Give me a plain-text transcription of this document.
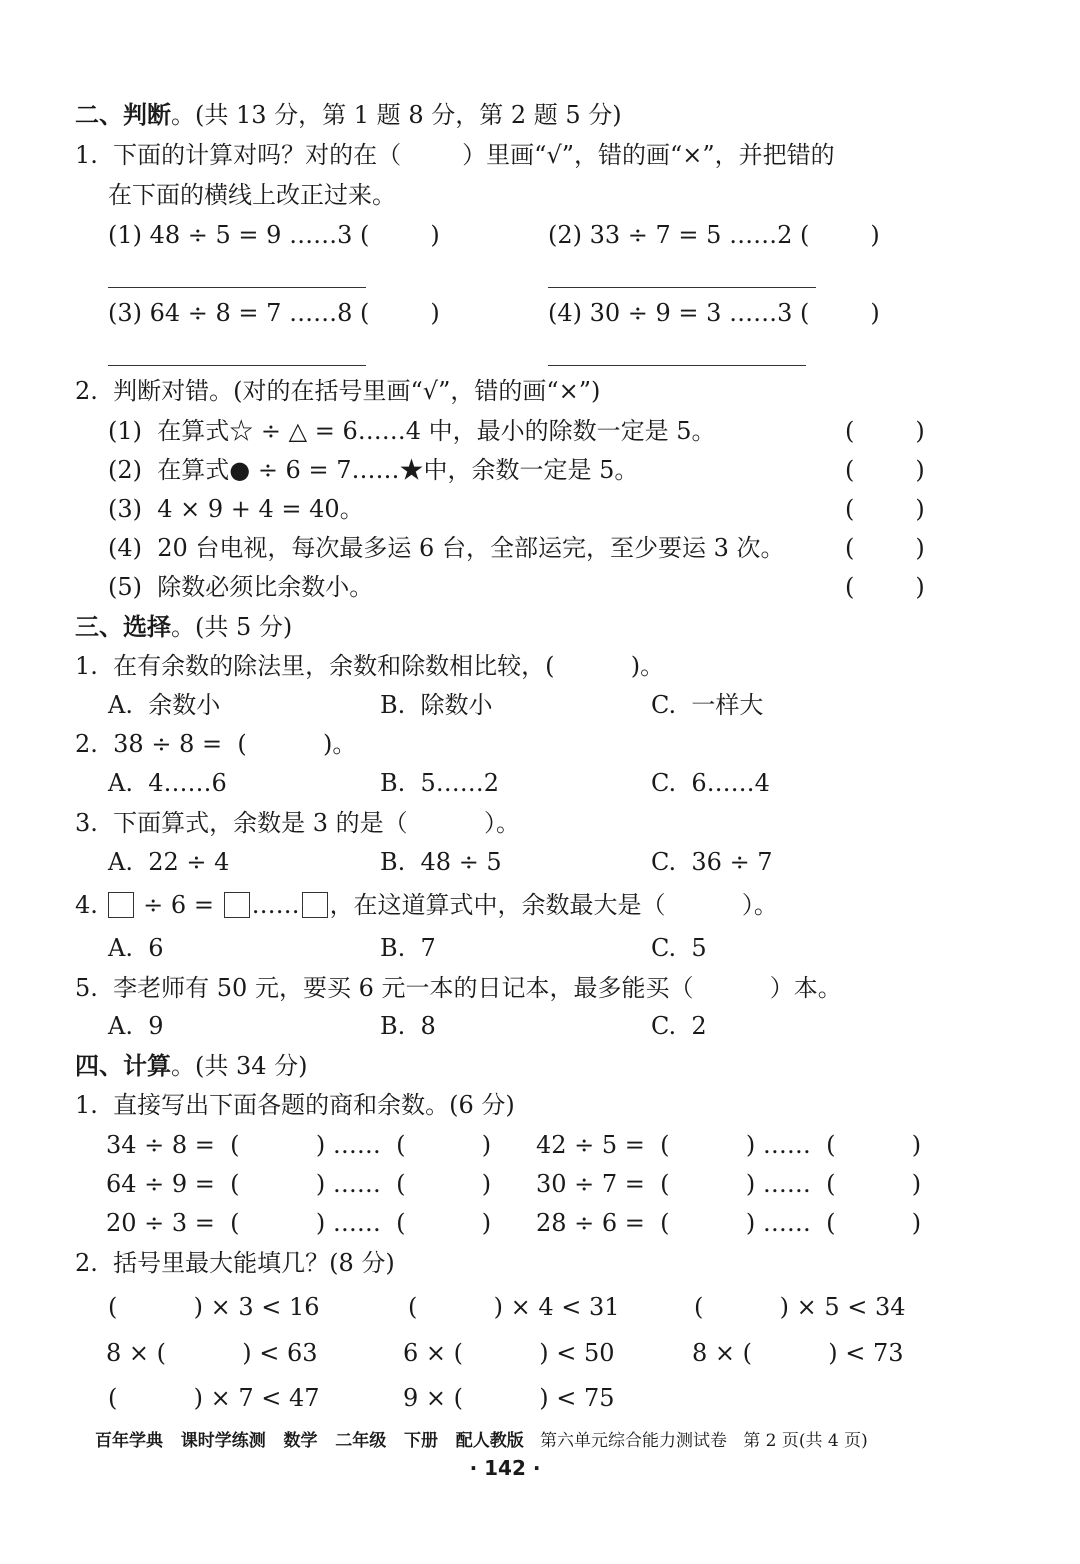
二、判断。(共 13 分，第 1 题 8 分，第 2 题 5 分)
1.  下面的计算对吗？对的在（        ）里画“√”，错的画“×”，并把错的
在下面的横线上改正过来。
(1) 48 ÷ 5 = 9 ……3 (        )	(2) 33 ÷ 7 = 5 ……2 (        )
(3) 64 ÷ 8 = 7 ……8 (        )	(4) 30 ÷ 9 = 3 ……3 (        )
2.  判断对错。(对的在括号里画“√”，错的画“×”)
(1)  在算式☆ ÷ △ = 6……4 中，最小的除数一定是 5。	(        )
(2)  在算式● ÷ 6 = 7……★中，余数一定是 5。	(        )
(3)  4 × 9 + 4 = 40。	(        )
(4)  20 台电视，每次最多运 6 台，全部运完，至少要运 3 次。	(        )
(5)  除数必须比余数小。	(        )
三、选择。(共 5 分)
1.  在有余数的除法里，余数和除数相比较，(          )。
A.  余数小	B.  除数小	C.  一样大
2.  38 ÷ 8 =  (          )。
A.  4……6	B.  5……2	C.  6……4
3.  下面算式，余数是 3 的是（          ）。
A.  22 ÷ 4	B.  48 ÷ 5	C.  36 ÷ 7
4.  ÷ 6 = …… ，在这道算式中，余数最大是（          ）。
A.  6	B.  7	C.  5
5.  李老师有 50 元，要买 6 元一本的日记本，最多能买（          ）本。
A.  9	B.  8	C.  2
四、计算。(共 34 分)
1.  直接写出下面各题的商和余数。(6 分)
34 ÷ 8 =  (          ) ……  (          ) 42 ÷ 5 =  (          ) ……  (          )
64 ÷ 9 =  (          ) ……  (          ) 30 ÷ 7 =  (          ) ……  (          )
20 ÷ 3 =  (          ) ……  (          ) 28 ÷ 6 =  (          ) ……  (          )
2.  括号里最大能填几？(8 分)
(          ) × 3 < 16	(          ) × 4 < 31	(          ) × 5 < 34
8 × (          ) < 63	6 × (          ) < 50	8 × (          ) < 73
(          ) × 7 < 47	9 × (          ) < 75
百年学典   课时学练测   数学   二年级   下册   配人教版   第六单元综合能力测试卷   第 2 页(共 4 页)
· 142 ·
